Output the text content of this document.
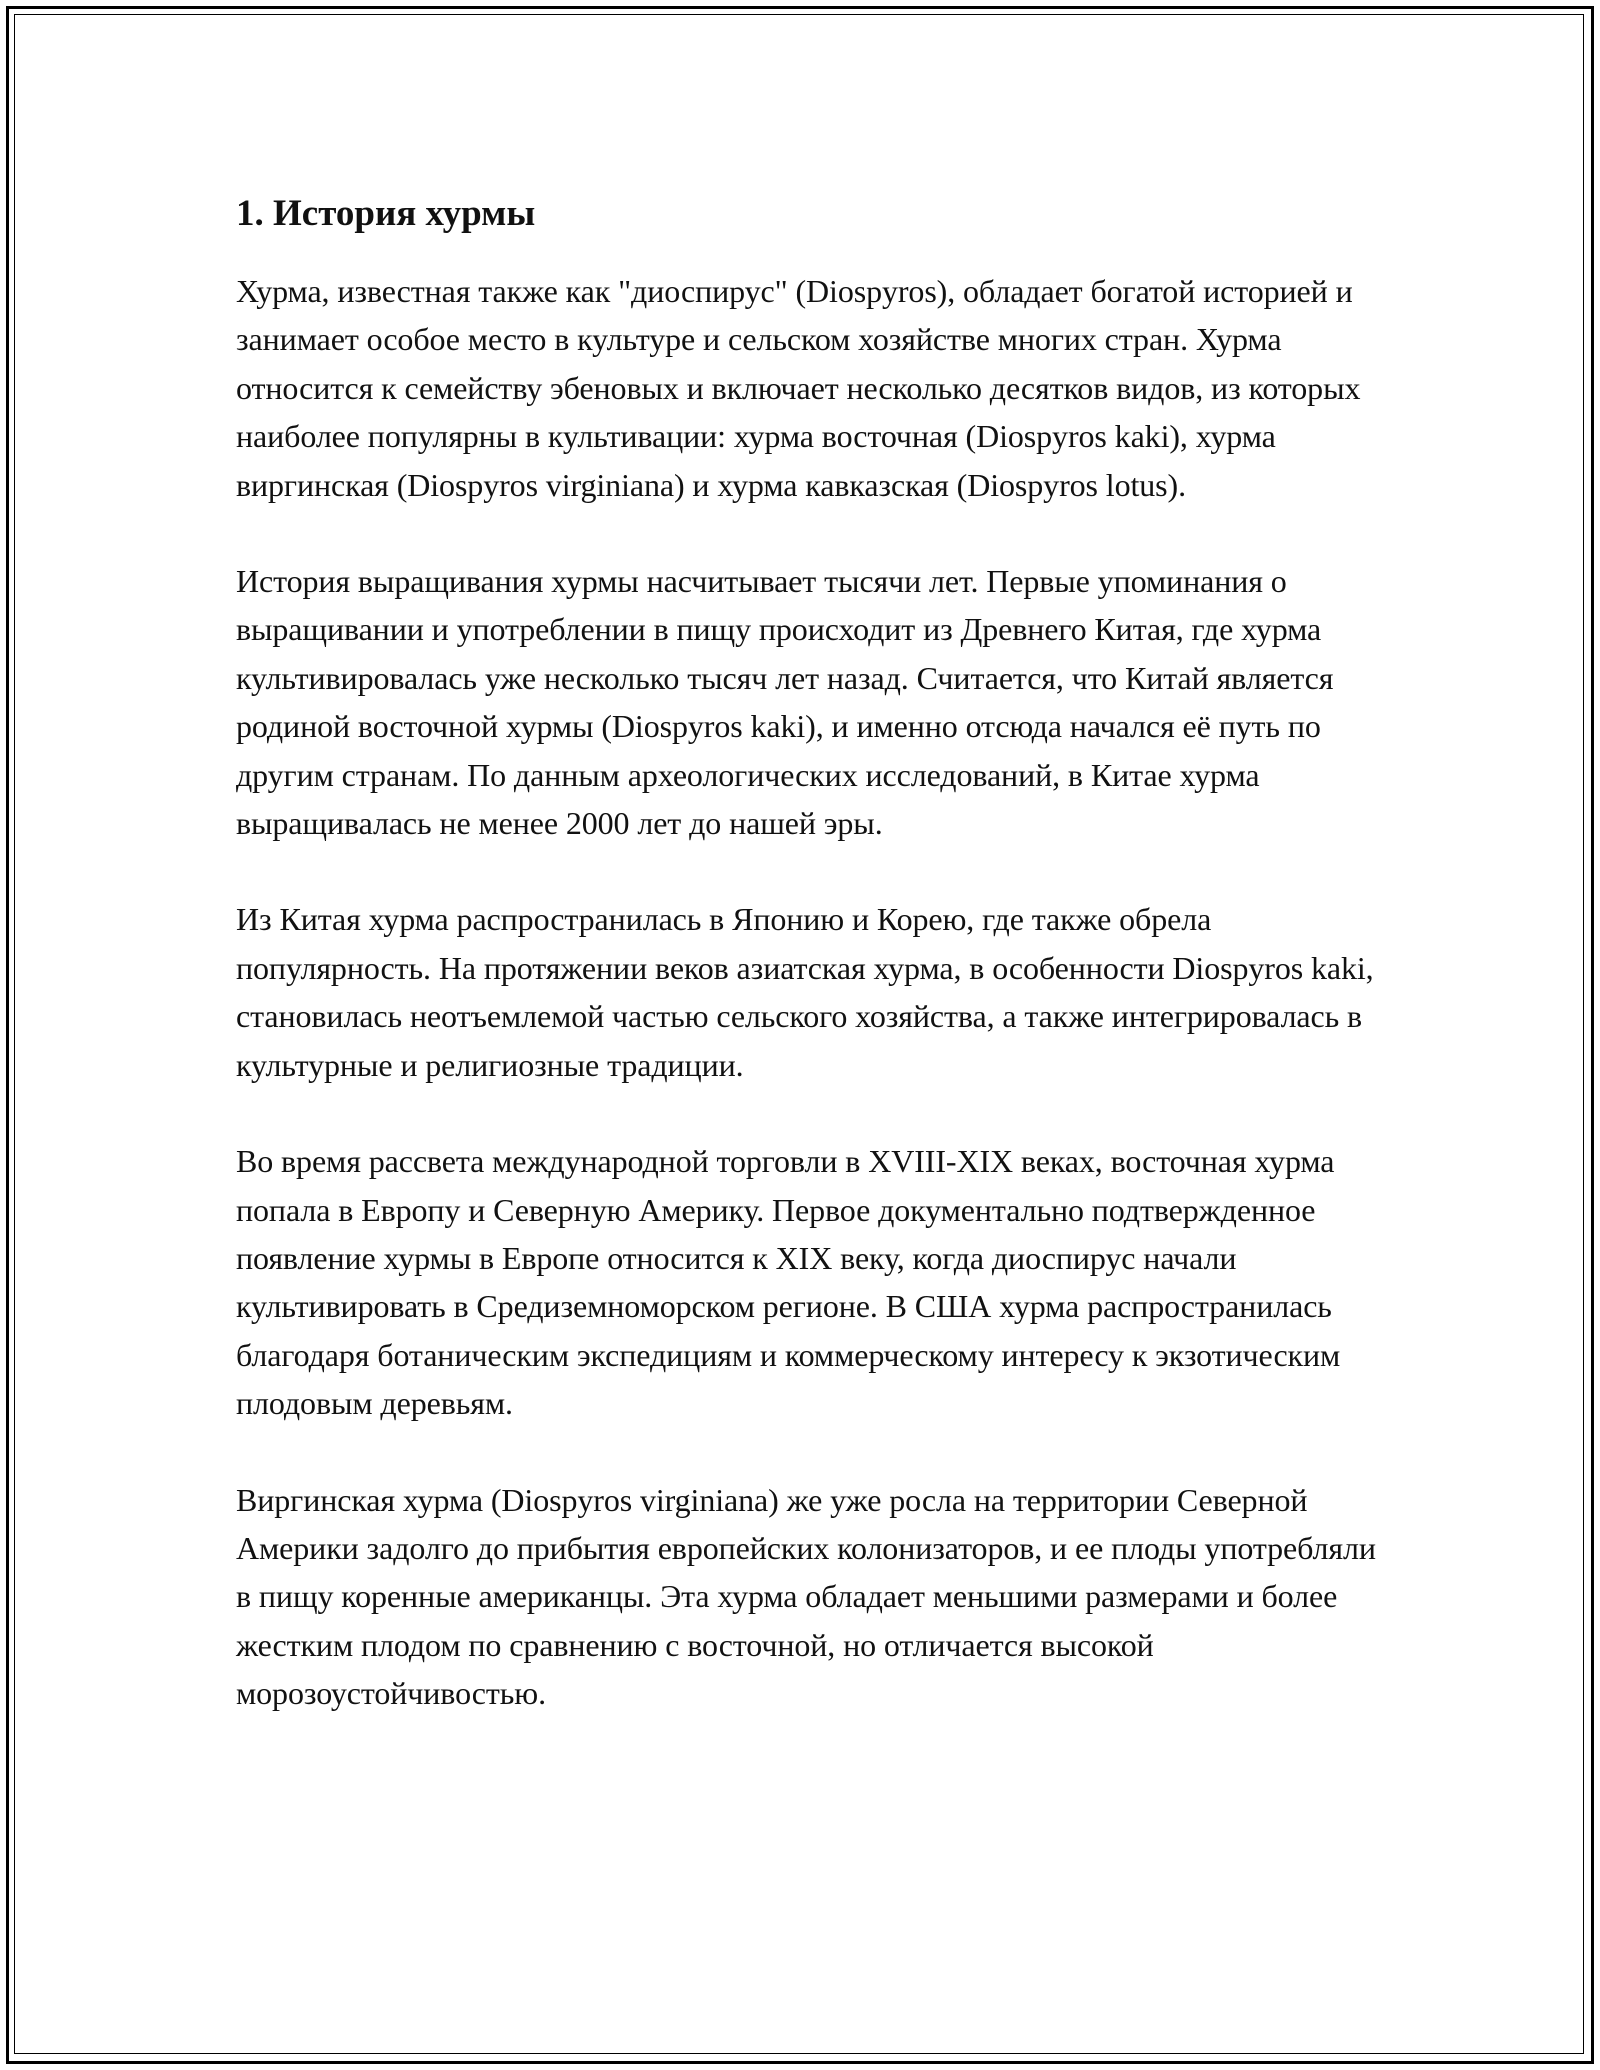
1. История хурмы

Хурма, известная также как "диоспирус" (Diospyros), обладает богатой историей и занимает особое место в культуре и сельском хозяйстве многих стран. Хурма относится к семейству эбеновых и включает несколько десятков видов, из которых наиболее популярны в культивации: хурма восточная (Diospyros kaki), хурма виргинская (Diospyros virginiana) и хурма кавказская (Diospyros lotus).

История выращивания хурмы насчитывает тысячи лет. Первые упоминания о выращивании и употреблении в пищу происходит из Древнего Китая, где хурма культивировалась уже несколько тысяч лет назад. Считается, что Китай является родиной восточной хурмы (Diospyros kaki), и именно отсюда начался её путь по другим странам. По данным археологических исследований, в Китае хурма выращивалась не менее 2000 лет до нашей эры.

Из Китая хурма распространилась в Японию и Корею, где также обрела популярность. На протяжении веков азиатская хурма, в особенности Diospyros kaki, становилась неотъемлемой частью сельского хозяйства, а также интегрировалась в культурные и религиозные традиции.

Во время рассвета международной торговли в XVIII-XIX веках, восточная хурма попала в Европу и Северную Америку. Первое документально подтвержденное появление хурмы в Европе относится к XIX веку, когда диоспирус начали культивировать в Средиземноморском регионе. В США хурма распространилась благодаря ботаническим экспедициям и коммерческому интересу к экзотическим плодовым деревьям.

Виргинская хурма (Diospyros virginiana) же уже росла на территории Северной Америки задолго до прибытия европейских колонизаторов, и ее плоды употребляли в пищу коренные американцы. Эта хурма обладает меньшими размерами и более жестким плодом по сравнению с восточной, но отличается высокой морозоустойчивостью.
